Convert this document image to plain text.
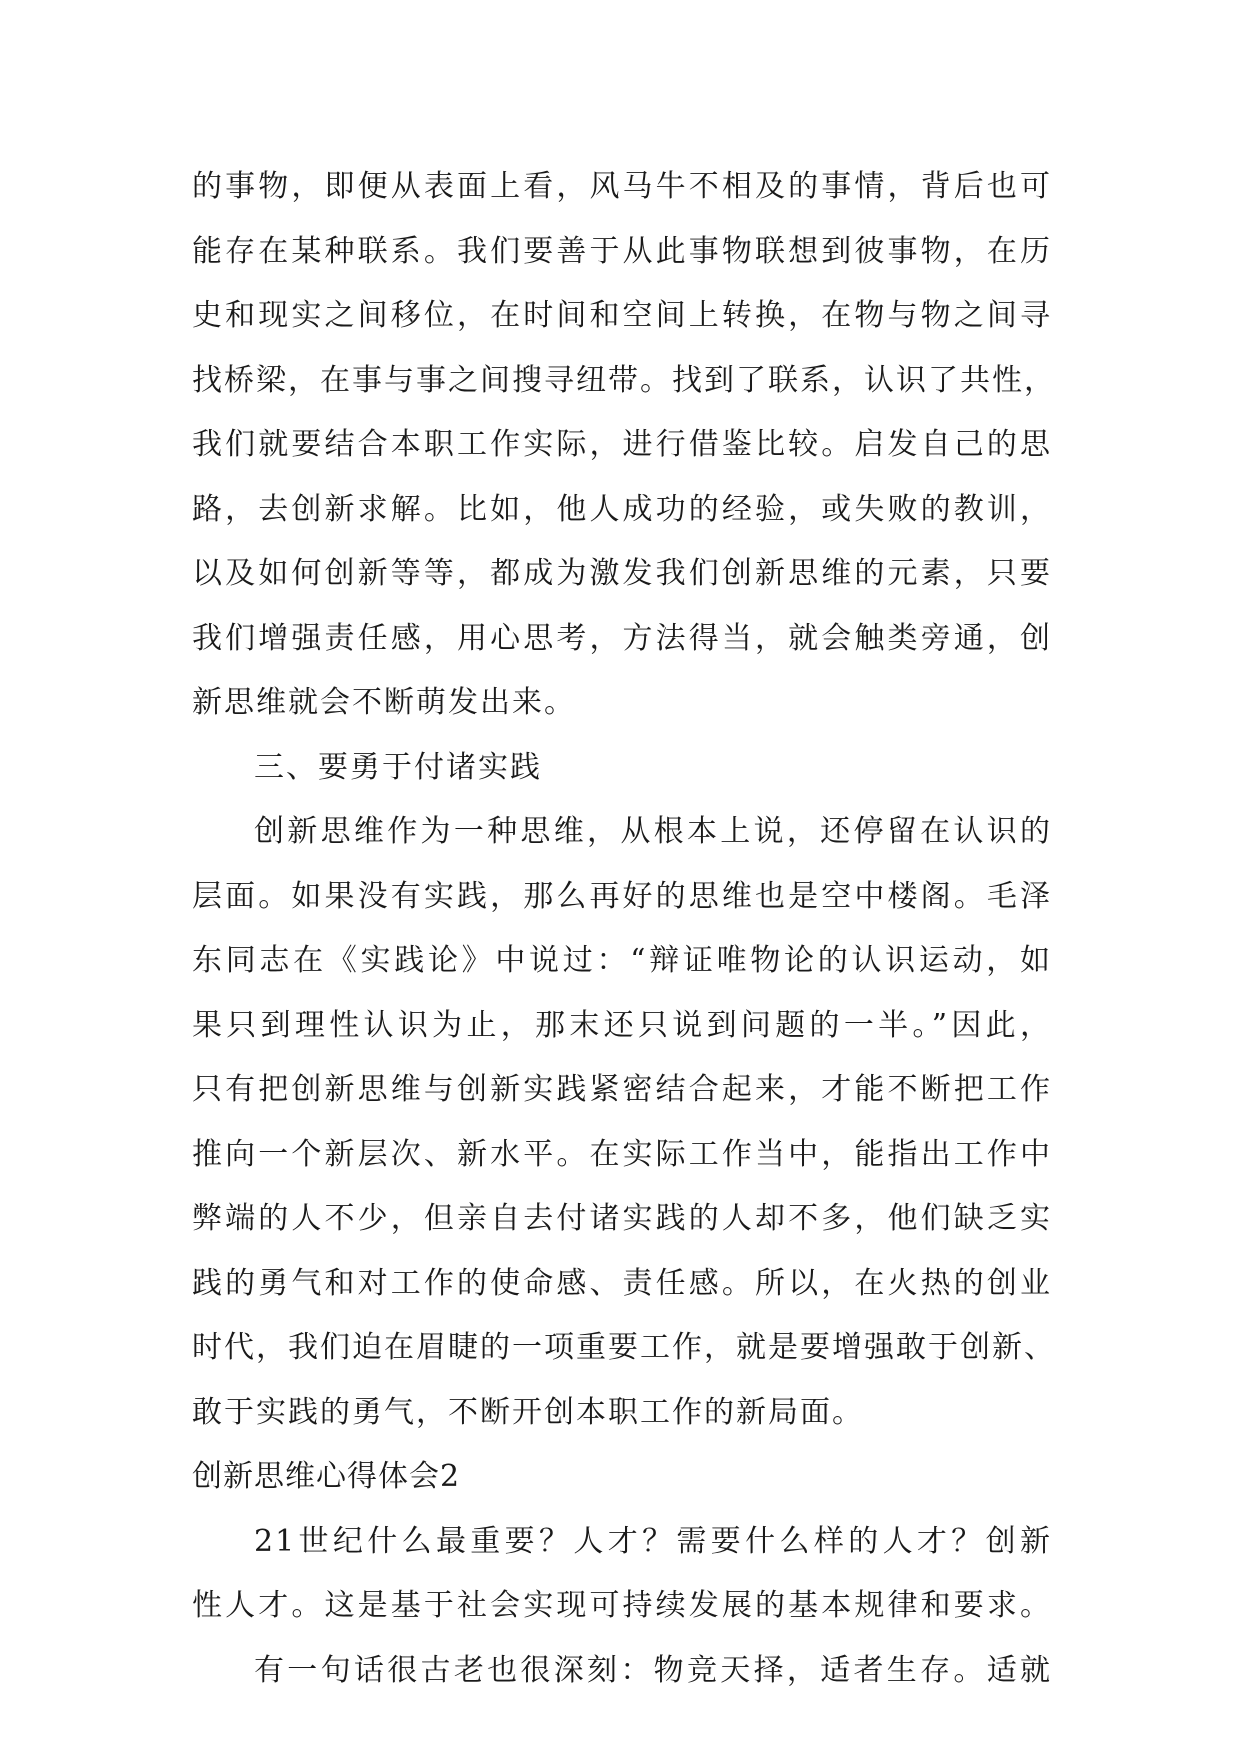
的事物，即便从表面上看，风马牛不相及的事情，背后也可
能存在某种联系。我们要善于从此事物联想到彼事物，在历
史和现实之间移位，在时间和空间上转换，在物与物之间寻
找桥梁，在事与事之间搜寻纽带。找到了联系，认识了共性，
我们就要结合本职工作实际，进行借鉴比较。启发自己的思
路，去创新求解。比如，他人成功的经验，或失败的教训，
以及如何创新等等，都成为激发我们创新思维的元素，只要
我们增强责任感，用心思考，方法得当，就会触类旁通，创
新思维就会不断萌发出来。
三、要勇于付诸实践
创新思维作为一种思维，从根本上说，还停留在认识的
层面。如果没有实践，那么再好的思维也是空中楼阁。毛泽
东同志在《实践论》中说过：“辩证唯物论的认识运动，如
果只到理性认识为止，那末还只说到问题的一半。”因此，
只有把创新思维与创新实践紧密结合起来，才能不断把工作
推向一个新层次、新水平。在实际工作当中，能指出工作中
弊端的人不少，但亲自去付诸实践的人却不多，他们缺乏实
践的勇气和对工作的使命感、责任感。所以，在火热的创业
时代，我们迫在眉睫的一项重要工作，就是要增强敢于创新、
敢于实践的勇气，不断开创本职工作的新局面。
创新思维心得体会2
21世纪什么最重要？人才？需要什么样的人才？创新
性人才。这是基于社会实现可持续发展的基本规律和要求。
有一句话很古老也很深刻：物竞天择，适者生存。适就
